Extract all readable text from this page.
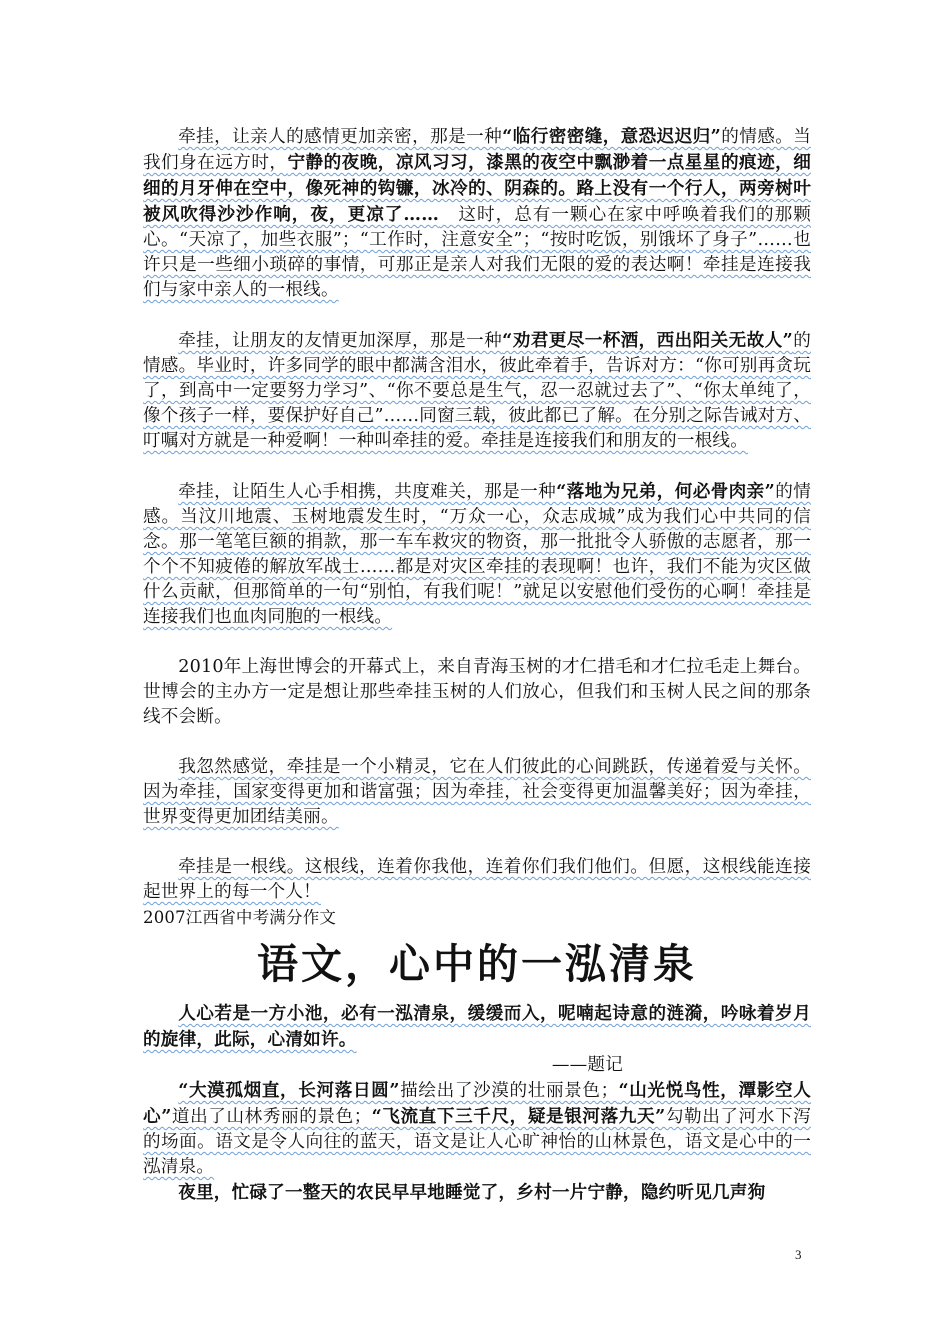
牵挂，让亲人的感情更加亲密，那是一种“临行密密缝，意恐迟迟归”的情感。当我们身在远方时，宁静的夜晚，凉风习习，漆黑的夜空中飘渺着一点星星的痕迹，细细的月牙伸在空中，像死神的钩镰，冰冷的、阴森的。路上没有一个行人，两旁树叶被风吹得沙沙作响，夜，更凉了……　这时，总有一颗心在家中呼唤着我们的那颗心。“天凉了，加些衣服”；“工作时，注意安全”；“按时吃饭，别饿坏了身子”……也许只是一些细小琐碎的事情，可那正是亲人对我们无限的爱的表达啊！牵挂是连接我们与家中亲人的一根线。

牵挂，让朋友的友情更加深厚，那是一种“劝君更尽一杯酒，西出阳关无故人”的情感。毕业时，许多同学的眼中都满含泪水，彼此牵着手，告诉对方：“你可别再贪玩了，到高中一定要努力学习”、“你不要总是生气，忍一忍就过去了”、“你太单纯了，像个孩子一样，要保护好自己”……同窗三载，彼此都已了解。在分别之际告诫对方、叮嘱对方就是一种爱啊！一种叫牵挂的爱。牵挂是连接我们和朋友的一根线。

牵挂，让陌生人心手相携，共度难关，那是一种“落地为兄弟，何必骨肉亲”的情感。当汶川地震、玉树地震发生时，“万众一心，众志成城”成为我们心中共同的信念。那一笔笔巨额的捐款，那一车车救灾的物资，那一批批令人骄傲的志愿者，那一个个不知疲倦的解放军战士……都是对灾区牵挂的表现啊！也许，我们不能为灾区做什么贡献，但那简单的一句“别怕，有我们呢！”就足以安慰他们受伤的心啊！牵挂是连接我们也血肉同胞的一根线。

2010年上海世博会的开幕式上，来自青海玉树的才仁措毛和才仁拉毛走上舞台。世博会的主办方一定是想让那些牵挂玉树的人们放心，但我们和玉树人民之间的那条线不会断。

我忽然感觉，牵挂是一个小精灵，它在人们彼此的心间跳跃，传递着爱与关怀。因为牵挂，国家变得更加和谐富强；因为牵挂，社会变得更加温馨美好；因为牵挂，世界变得更加团结美丽。

牵挂是一根线。这根线，连着你我他，连着你们我们他们。但愿，这根线能连接起世界上的每一个人！

2007江西省中考满分作文
语文，心中的一泓清泉

人心若是一方小池，必有一泓清泉，缓缓而入，呢喃起诗意的涟漪，吟咏着岁月的旋律，此际，心清如许。

——题记

“大漠孤烟直，长河落日圆”描绘出了沙漠的壮丽景色；“山光悦鸟性，潭影空人心”道出了山林秀丽的景色；“飞流直下三千尺，疑是银河落九天”勾勒出了河水下泻的场面。语文是令人向往的蓝天，语文是让人心旷神怡的山林景色，语文是心中的一泓清泉。

夜里，忙碌了一整天的农民早早地睡觉了，乡村一片宁静，隐约听见几声狗

3
